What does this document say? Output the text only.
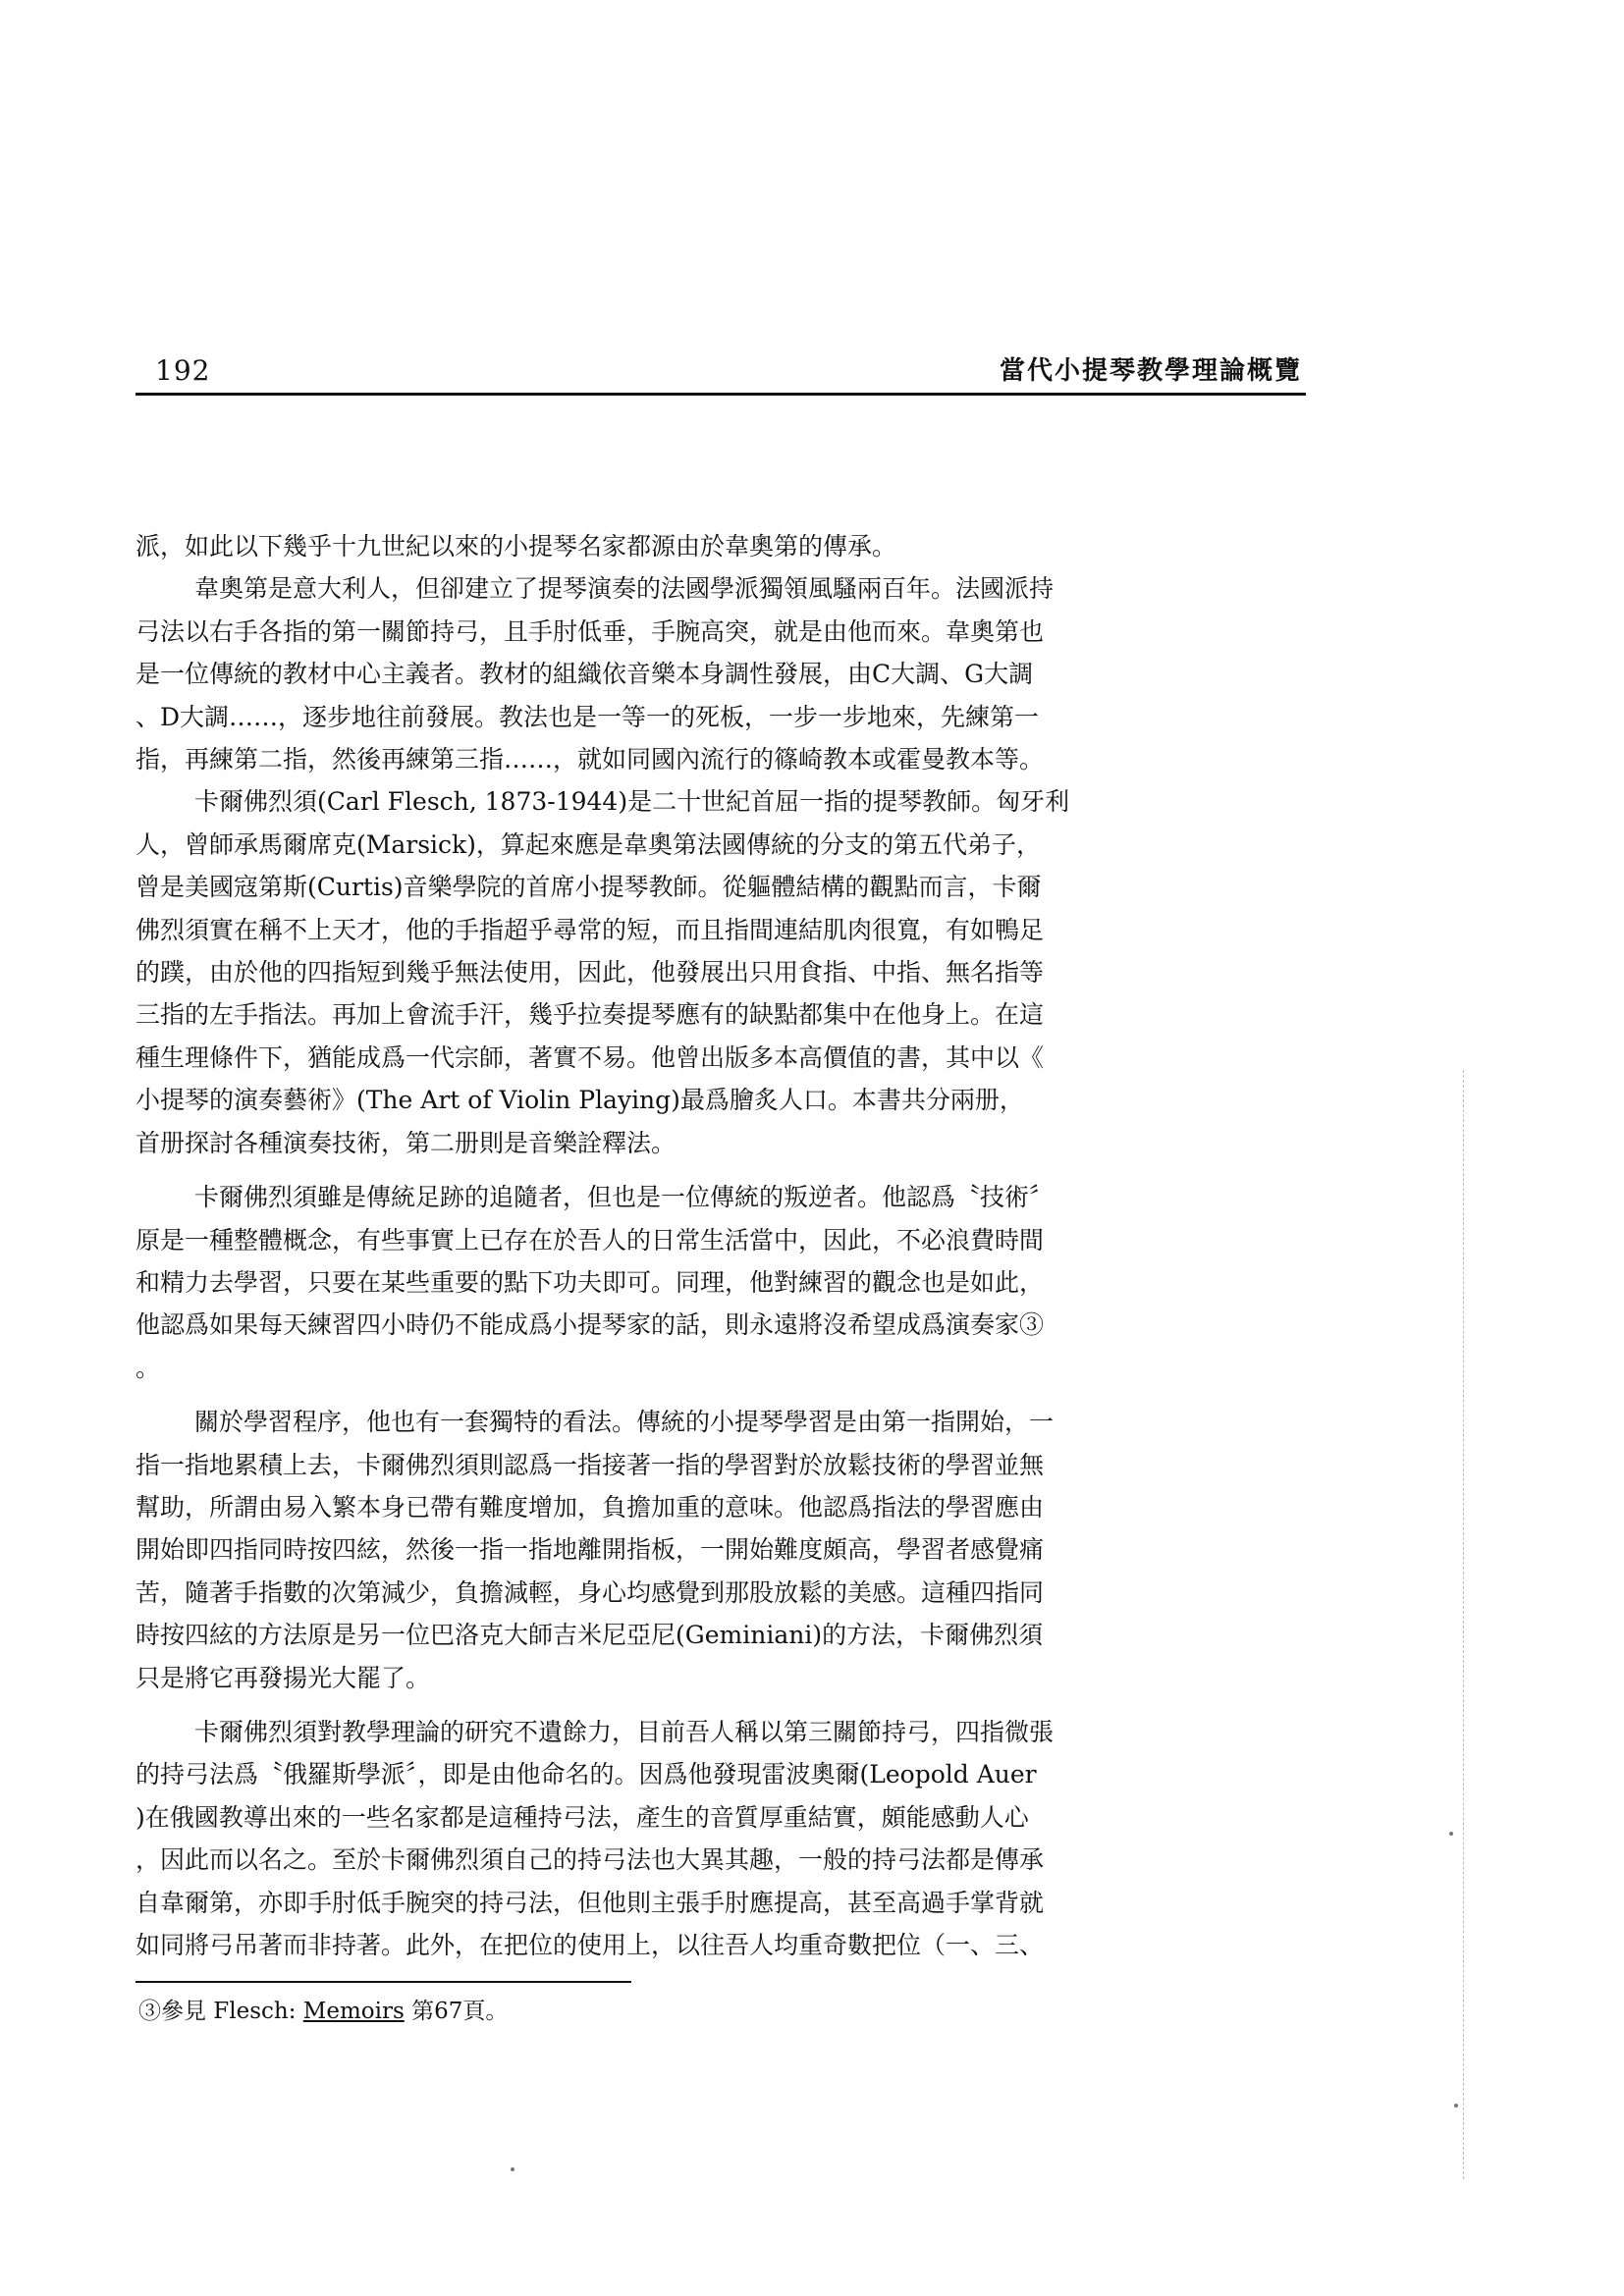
192	當代小提琴教學理論概覽

派，如此以下幾乎十九世紀以來的小提琴名家都源由於韋奧第的傳承。

韋奧第是意大利人，但卻建立了提琴演奏的法國學派獨領風騷兩百年。法國派持

弓法以右手各指的第一關節持弓，且手肘低垂，手腕高突，就是由他而來。韋奧第也

是一位傳統的教材中心主義者。教材的組織依音樂本身調性發展，由C大調、G大調

、D大調……，逐步地往前發展。教法也是一等一的死板，一步一步地來，先練第一

指，再練第二指，然後再練第三指……，就如同國內流行的篠崎教本或霍曼教本等。

卡爾佛烈須(Carl Flesch, 1873-1944)是二十世紀首屈一指的提琴教師。匈牙利

人，曾師承馬爾席克(Marsick)，算起來應是韋奧第法國傳統的分支的第五代弟子，

曾是美國寇第斯(Curtis)音樂學院的首席小提琴教師。從軀體結構的觀點而言，卡爾

佛烈須實在稱不上天才，他的手指超乎尋常的短，而且指間連結肌肉很寬，有如鴨足

的蹼，由於他的四指短到幾乎無法使用，因此，他發展出只用食指、中指、無名指等

三指的左手指法。再加上會流手汗，幾乎拉奏提琴應有的缺點都集中在他身上。在這

種生理條件下，猶能成爲一代宗師，著實不易。他曾出版多本高價值的書，其中以《

小提琴的演奏藝術》(The Art of Violin Playing)最爲膾炙人口。本書共分兩册，

首册探討各種演奏技術，第二册則是音樂詮釋法。

卡爾佛烈須雖是傳統足跡的追隨者，但也是一位傳統的叛逆者。他認爲〝技術〞

原是一種整體概念，有些事實上已存在於吾人的日常生活當中，因此，不必浪費時間

和精力去學習，只要在某些重要的點下功夫即可。同理，他對練習的觀念也是如此，

他認爲如果每天練習四小時仍不能成爲小提琴家的話，則永遠將沒希望成爲演奏家③

。

關於學習程序，他也有一套獨特的看法。傳統的小提琴學習是由第一指開始，一

指一指地累積上去，卡爾佛烈須則認爲一指接著一指的學習對於放鬆技術的學習並無

幫助，所謂由易入繁本身已帶有難度增加，負擔加重的意味。他認爲指法的學習應由

開始即四指同時按四絃，然後一指一指地離開指板，一開始難度頗高，學習者感覺痛

苦，隨著手指數的次第減少，負擔減輕，身心均感覺到那股放鬆的美感。這種四指同

時按四絃的方法原是另一位巴洛克大師吉米尼亞尼(Geminiani)的方法，卡爾佛烈須

只是將它再發揚光大罷了。

卡爾佛烈須對教學理論的研究不遺餘力，目前吾人稱以第三關節持弓，四指微張

的持弓法爲〝俄羅斯學派〞，即是由他命名的。因爲他發現雷波奧爾(Leopold Auer

)在俄國教導出來的一些名家都是這種持弓法，產生的音質厚重結實，頗能感動人心

，因此而以名之。至於卡爾佛烈須自己的持弓法也大異其趣，一般的持弓法都是傳承

自韋爾第，亦即手肘低手腕突的持弓法，但他則主張手肘應提高，甚至高過手掌背就

如同將弓吊著而非持著。此外，在把位的使用上，以往吾人均重奇數把位（一、三、

③參見 Flesch: Memoirs 第67頁。
